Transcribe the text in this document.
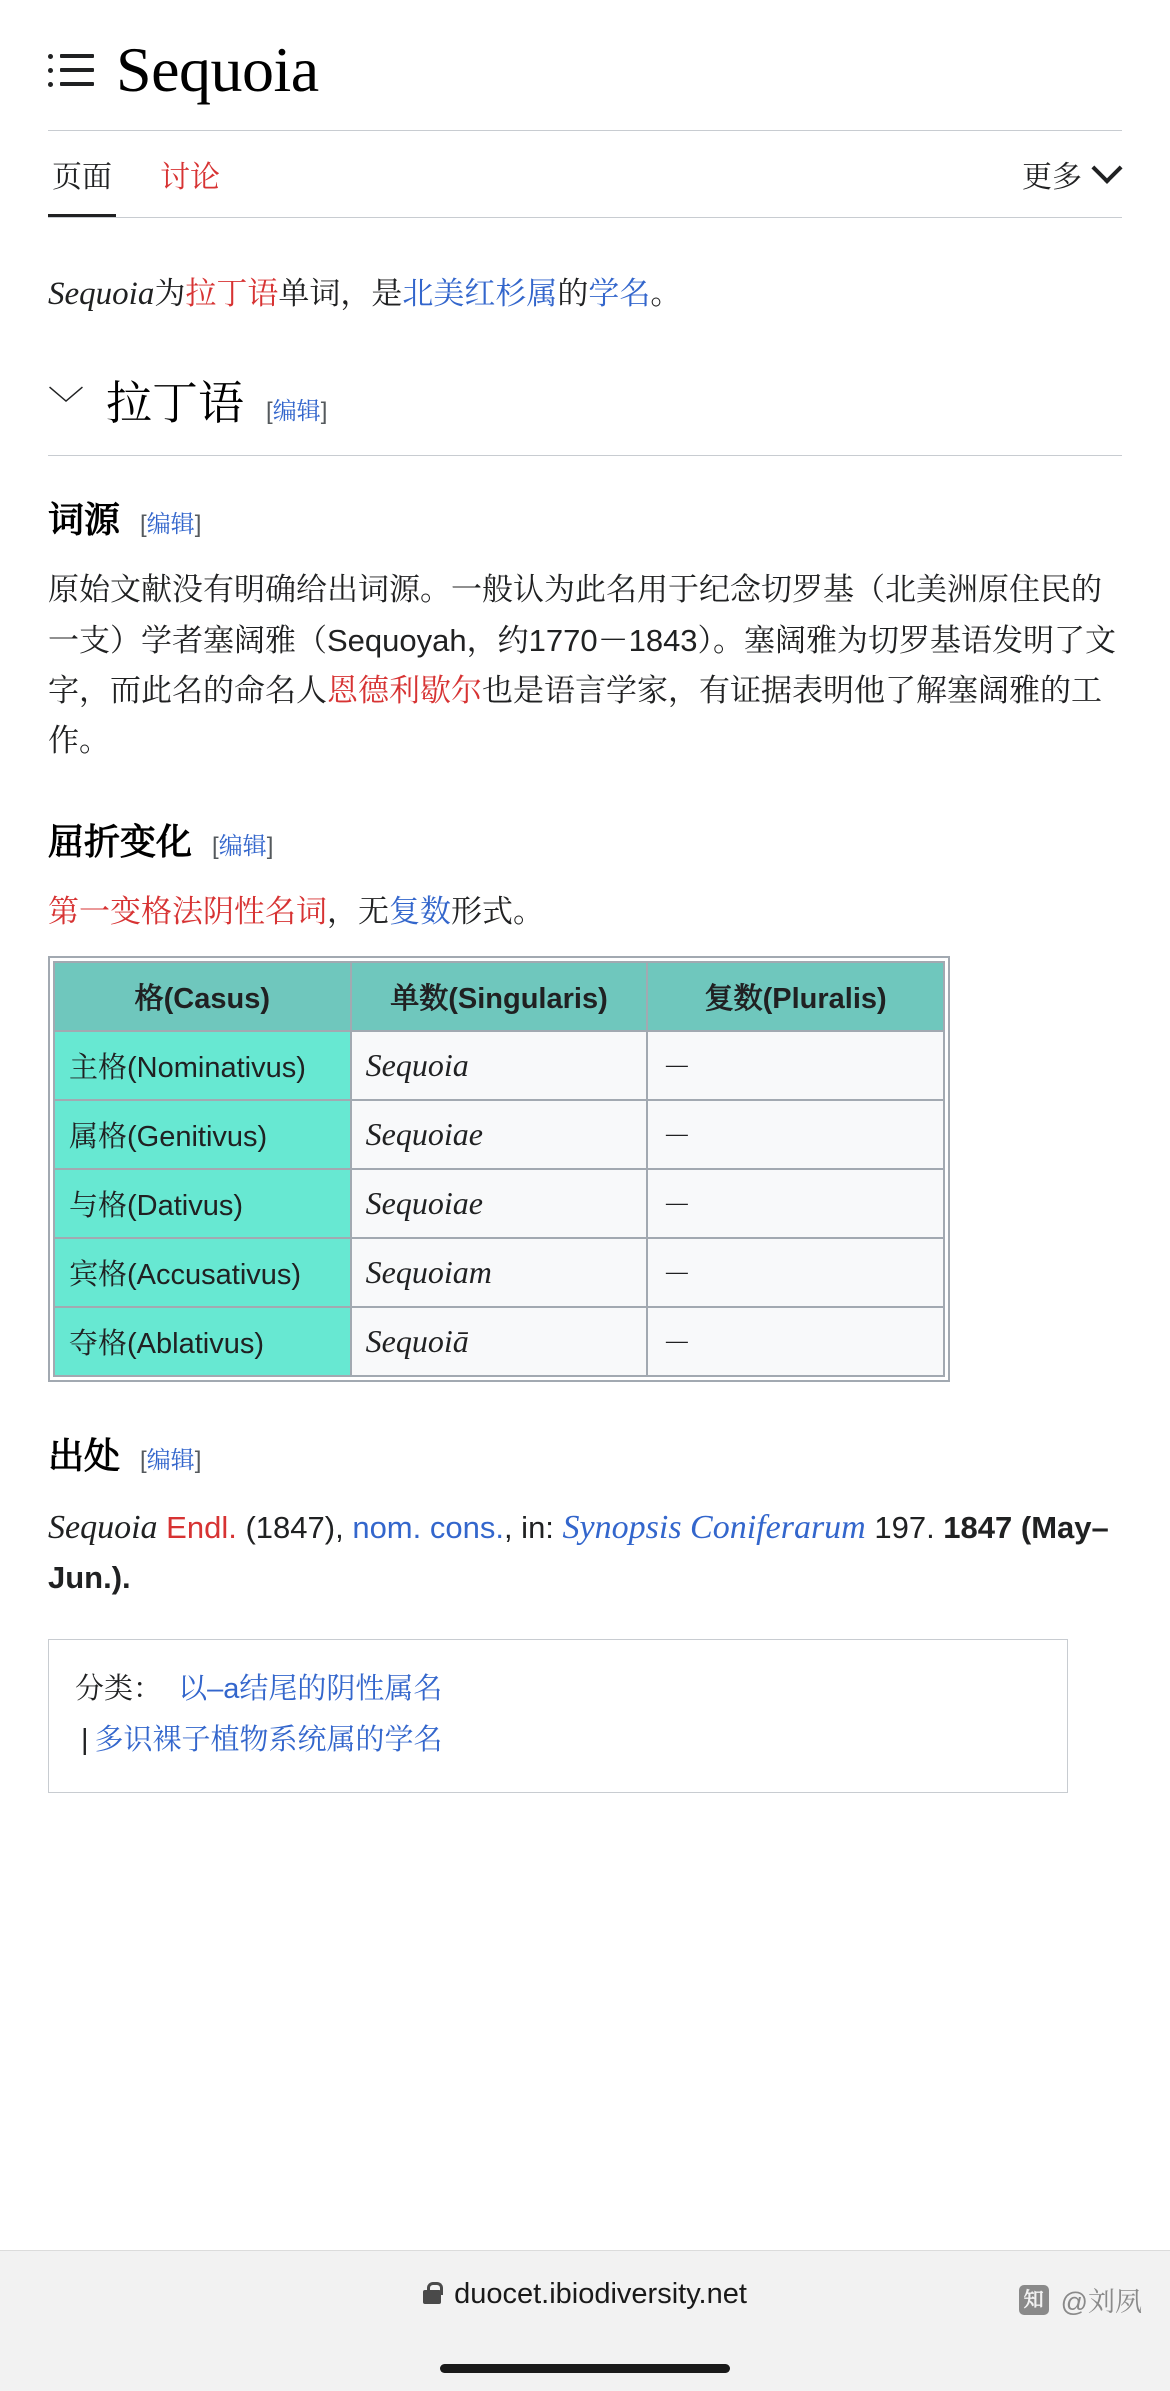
Sequoia
页面 讨论	更多

Sequoia为拉丁语单词，是北美红杉属的学名。

﹀ 拉丁语 [编辑]
词源 [编辑]

原始文献没有明确给出词源。一般认为此名用于纪念切罗基（北美洲原住民的一支）学者塞阔雅（Sequoyah，约1770－1843）。塞阔雅为切罗基语发明了文字，而此名的命名人恩德利歇尔也是语言学家，有证据表明他了解塞阔雅的工作。

屈折变化 [编辑]

第一变格法阴性名词，无复数形式。

格(Casus)	单数(Singularis)	复数(Pluralis)
主格(Nominativus)	Sequoia	－
属格(Genitivus)	Sequoiae	－
与格(Dativus)	Sequoiae	－
宾格(Accusativus)	Sequoiam	－
夺格(Ablativus)	Sequoiā	－
出处 [编辑]

Sequoia Endl. (1847), nom. cons., in: Synopsis Coniferarum 197. 1847 (May–Jun.).

分类： 以–a结尾的阴性属名
| 多识裸子植物系统属的学名
duocet.ibiodiversity.net	知 @刘夙
